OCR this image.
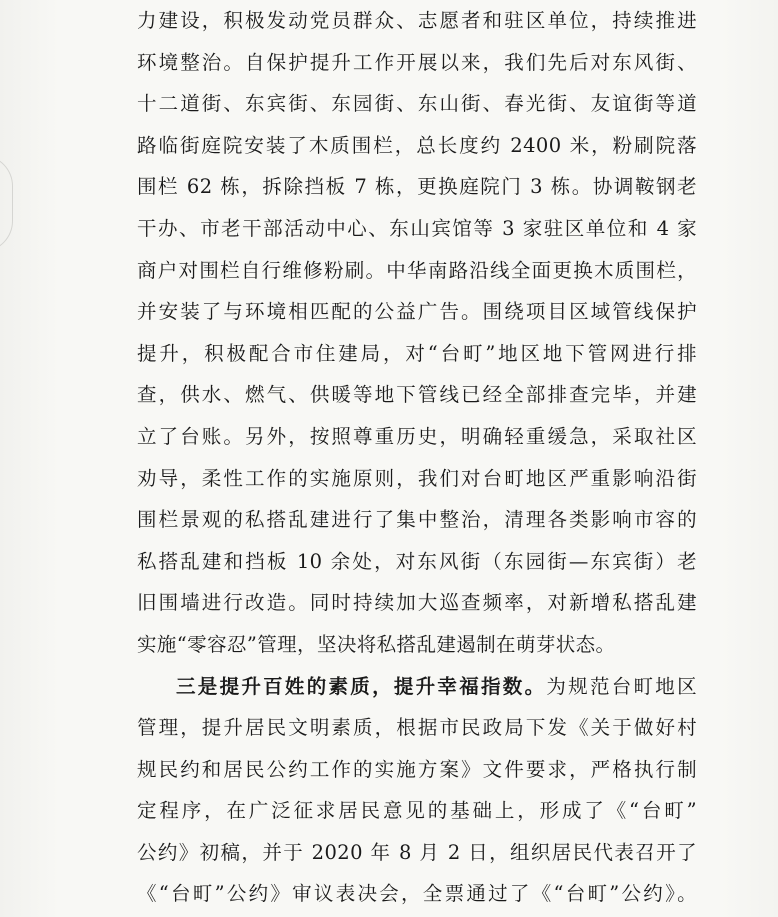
力建设，积极发动党员群众、志愿者和驻区单位，持续推进
环境整治。自保护提升工作开展以来，我们先后对东风街、
十二道街、东宾街、东园街、东山街、春光街、友谊街等道
路临街庭院安装了木质围栏，总长度约 2400 米，粉刷院落
围栏 62 栋，拆除挡板 7 栋，更换庭院门 3 栋。协调鞍钢老
干办、市老干部活动中心、东山宾馆等 3 家驻区单位和 4 家
商户对围栏自行维修粉刷。中华南路沿线全面更换木质围栏，
并安装了与环境相匹配的公益广告。围绕项目区域管线保护
提升，积极配合市住建局，对“台町”地区地下管网进行排
查，供水、燃气、供暖等地下管线已经全部排查完毕，并建
立了台账。另外，按照尊重历史，明确轻重缓急，采取社区
劝导，柔性工作的实施原则，我们对台町地区严重影响沿街
围栏景观的私搭乱建进行了集中整治，清理各类影响市容的
私搭乱建和挡板 10 余处，对东风街（东园街—东宾街）老
旧围墙进行改造。同时持续加大巡查频率，对新增私搭乱建
实施“零容忍”管理，坚决将私搭乱建遏制在萌芽状态。
三是提升百姓的素质，提升幸福指数。为规范台町地区
管理，提升居民文明素质，根据市民政局下发《关于做好村
规民约和居民公约工作的实施方案》文件要求，严格执行制
定程序，在广泛征求居民意见的基础上，形成了《“台町”
公约》初稿，并于 2020 年 8 月 2 日，组织居民代表召开了
《“台町”公约》审议表决会，全票通过了《“台町”公约》。
